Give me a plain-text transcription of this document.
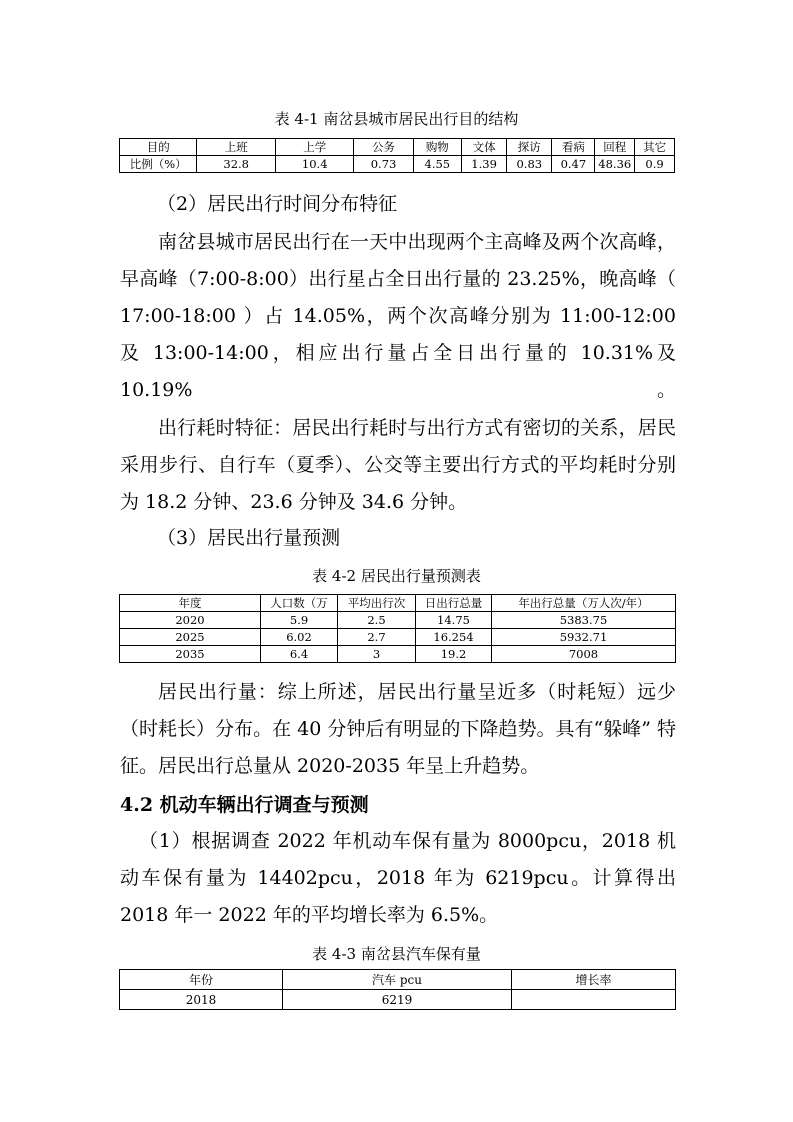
表 4-1 南岔县城市居民出行目的结构
目的	上班	上学	公务	购物	文体	探访	看病	回程	其它
比例（%）	32.8	10.4	0.73	4.55	1.39	0.83	0.47	48.36	0.9
（2）居民出行时间分布特征
南岔县城市居民出行在一天中出现两个主高峰及两个次高峰，早高峰（7:00-8:00）出行星占全日出行量的 23.25%，晚高峰（ 17:00-18:00 ）占 14.05%，两个次高峰分别为 11:00-12:00 及 13:00-14:00，相应出行量占全日出行量的 10.31%及 10.19%。
出行耗时特征：居民出行耗时与出行方式有密切的关系，居民采用步行、自行车（夏季）、公交等主要出行方式的平均耗时分别为 18.2 分钟、23.6 分钟及 34.6 分钟。
（3）居民出行量预测
表 4-2 居民出行量预测表
年度	人口数（万	平均出行次	日出行总量	年出行总量（万人次/年）
2020	5.9	2.5	14.75	5383.75
2025	6.02	2.7	16.254	5932.71
2035	6.4	3	19.2	7008
居民出行量：综上所述，居民出行量呈近多（时耗短）远少（时耗长）分布。在 40 分钟后有明显的下降趋势。具有“躲峰” 特征。居民出行总量从 2020-2035 年呈上升趋势。
4.2 机动车辆出行调查与预测
（1）根据调查 2022 年机动车保有量为 8000pcu，2018 机动车保有量为 14402pcu，2018 年为 6219pcu。计算得出 2018 年一 2022 年的平均增长率为 6.5%。
表 4-3 南岔县汽车保有量
年份	汽车 pcu	增长率
2018	6219	
